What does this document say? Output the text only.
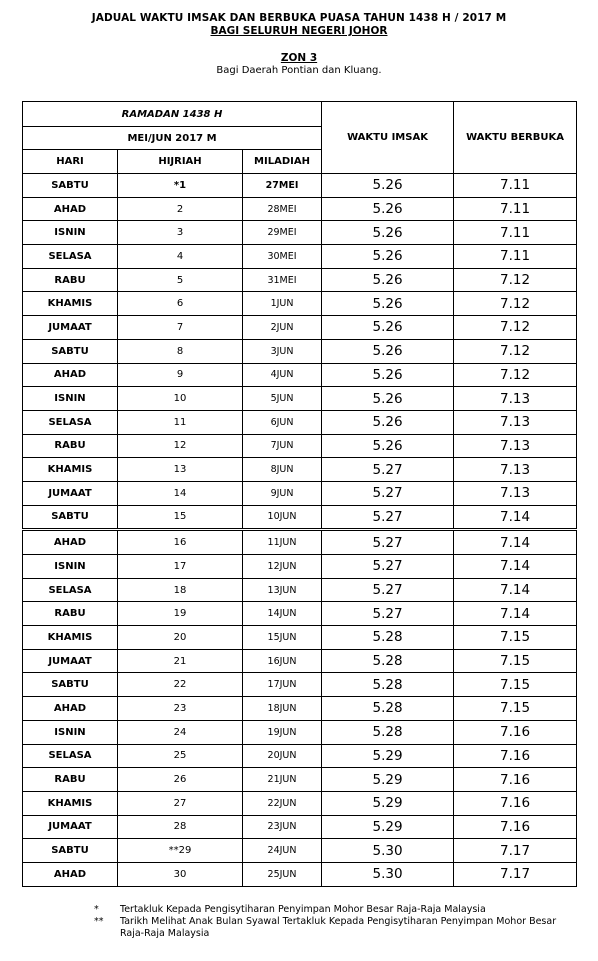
JADUAL WAKTU IMSAK DAN BERBUKA PUASA TAHUN 1438 H / 2017 M
BAGI SELURUH NEGERI JOHOR
ZON 3
Bagi Daerah Pontian dan Kluang.
RAMADAN 1438 H			WAKTU IMSAK	WAKTU BERBUKA
MEI/JUN 2017 M				
HARI	HIJRIAH	MILADIAH		
SABTU	*1	27MEI	5.26	7.11
AHAD	2	28MEI	5.26	7.11
ISNIN	3	29MEI	5.26	7.11
SELASA	4	30MEI	5.26	7.11
RABU	5	31MEI	5.26	7.12
KHAMIS	6	1JUN	5.26	7.12
JUMAAT	7	2JUN	5.26	7.12
SABTU	8	3JUN	5.26	7.12
AHAD	9	4JUN	5.26	7.12
ISNIN	10	5JUN	5.26	7.13
SELASA	11	6JUN	5.26	7.13
RABU	12	7JUN	5.26	7.13
KHAMIS	13	8JUN	5.27	7.13
JUMAAT	14	9JUN	5.27	7.13
SABTU	15	10JUN	5.27	7.14
AHAD	16	11JUN	5.27	7.14
ISNIN	17	12JUN	5.27	7.14
SELASA	18	13JUN	5.27	7.14
RABU	19	14JUN	5.27	7.14
KHAMIS	20	15JUN	5.28	7.15
JUMAAT	21	16JUN	5.28	7.15
SABTU	22	17JUN	5.28	7.15
AHAD	23	18JUN	5.28	7.15
ISNIN	24	19JUN	5.28	7.16
SELASA	25	20JUN	5.29	7.16
RABU	26	21JUN	5.29	7.16
KHAMIS	27	22JUN	5.29	7.16
JUMAAT	28	23JUN	5.29	7.16
SABTU	**29	24JUN	5.30	7.17
AHAD	30	25JUN	5.30	7.17
*	Tertakluk Kepada Pengisytiharan Penyimpan Mohor Besar Raja-Raja Malaysia
**	Tarikh Melihat Anak Bulan Syawal Tertakluk Kepada Pengisytiharan Penyimpan Mohor Besar Raja-Raja Malaysia
